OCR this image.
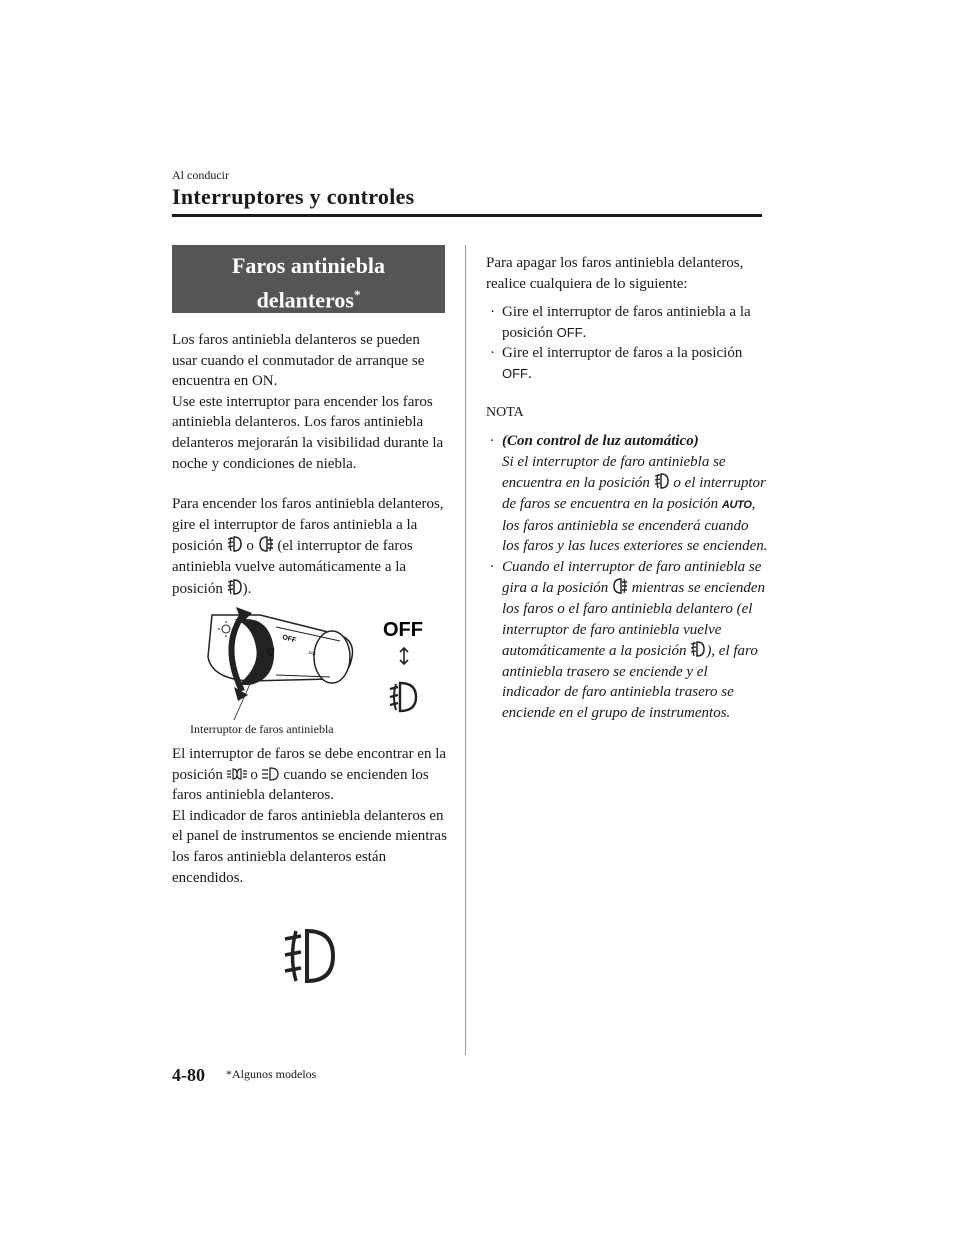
Al conducir
Interruptores y controles
Faros antiniebla
delanteros*

Los faros antiniebla delanteros se pueden usar cuando el conmutador de arranque se encuentra en ON.

Use este interruptor para encender los faros antiniebla delanteros. Los faros antiniebla delanteros mejorarán la visibilidad durante la noche y condiciones de niebla.

Para encender los faros antiniebla delanteros, gire el interruptor de faros antiniebla a la posición  o  (el interruptor de faros antiniebla vuelve automáticamente a la posición ).

OFF
⇨
▽
OFF
Interruptor de faros antiniebla

El interruptor de faros se debe encontrar en la posición  o  cuando se encienden los faros antiniebla delanteros.

El indicador de faros antiniebla delanteros en el panel de instrumentos se enciende mientras los faros antiniebla delanteros están encendidos.

Para apagar los faros antiniebla delanteros, realice cualquiera de lo siguiente:

· Gire el interruptor de faros antiniebla a la posición OFF.
· Gire el interruptor de faros a la posición OFF.

NOTA

· (Con control de luz automático)
Si el interruptor de faro antiniebla se encuentra en la posición  o el interruptor de faros se encuentra en la posición AUTO, los faros antiniebla se encenderá cuando los faros y las luces exteriores se encienden.
· Cuando el interruptor de faro antiniebla se gira a la posición  mientras se encienden los faros o el faro antiniebla delantero (el interruptor de faro antiniebla vuelve automáticamente a la posición ), el faro antiniebla trasero se enciende y el indicador de faro antiniebla trasero se enciende en el grupo de instrumentos.
4-80 *Algunos modelos
